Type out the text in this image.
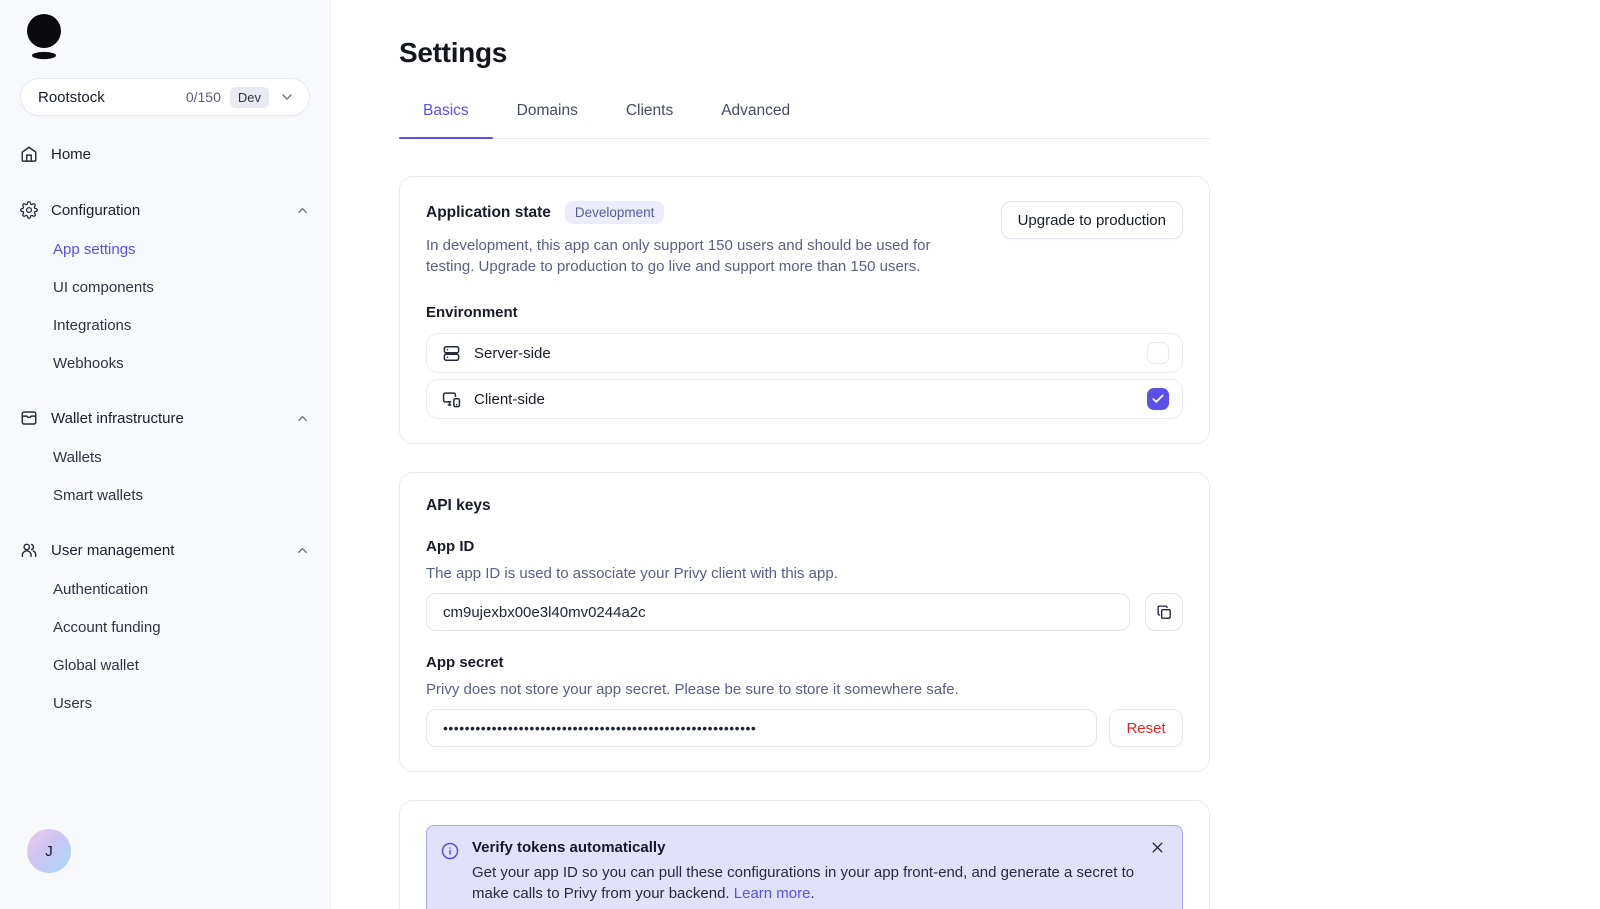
Rootstock	0/150	Dev
Home
Configuration
App settings
UI components
Integrations
Webhooks
Wallet infrastructure
Wallets
Smart wallets
User management
Authentication
Account funding
Global wallet
Users
J
Settings
Basics	Domains	Clients	Advanced
Application state	Development

In development, this app can only support 150 users and should be used for testing. Upgrade to production to go live and support more than 150 users.

Upgrade to production
Environment
Server-side
Client-side
API keys
App ID

The app ID is used to associate your Privy client with this app.

cm9ujexbx00e3l40mv0244a2c
App secret

Privy does not store your app secret. Please be sure to store it somewhere safe.

••••••••••••••••••••••••••••••••••••••••••••••••••••••••••
Reset
Verify tokens automatically
Get your app ID so you can pull these configurations in your app front-end, and generate a secret to make calls to Privy from your backend. Learn more.
